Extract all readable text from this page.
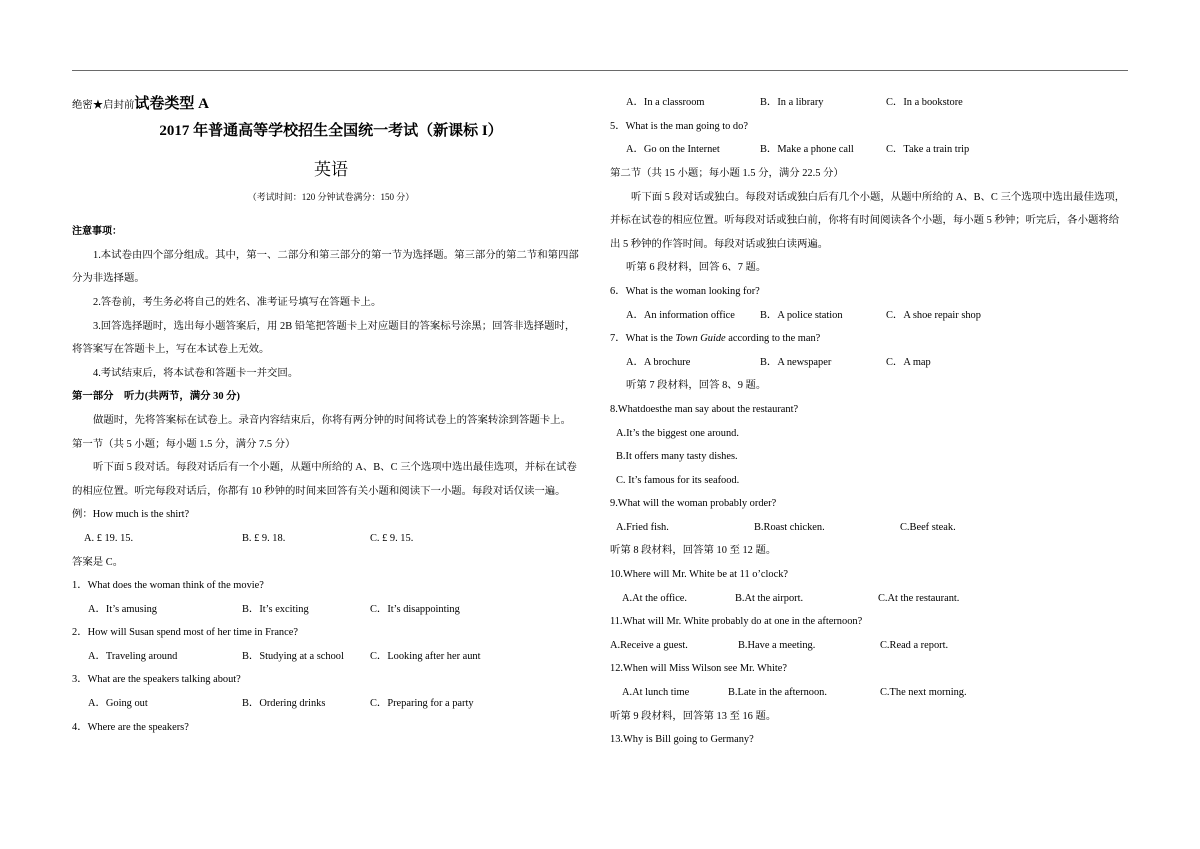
绝密★启封前试卷类型 A
2017 年普通高等学校招生全国统一考试（新课标 I）
英语
（考试时间：120 分钟试卷满分：150 分）
注意事项：
1.本试卷由四个部分组成。其中，第一、二部分和第三部分的第一节为选择题。第三部分的第二节和第四部
分为非选择题。
2.答卷前，考生务必将自己的姓名、准考证号填写在答题卡上。
3.回答选择题时，选出每小题答案后，用 2B 铅笔把答题卡上对应题目的答案标号涂黑；回答非选择题时，
将答案写在答题卡上，写在本试卷上无效。
4.考试结束后，将本试卷和答题卡一并交回。
第一部分　听力(共两节，满分 30 分)
做题时，先将答案标在试卷上。录音内容结束后，你将有两分钟的时间将试卷上的答案转涂到答题卡上。
第一节（共 5 小题；每小题 1.5 分，满分 7.5 分）
听下面 5 段对话。每段对话后有一个小题，从题中所给的 A、B、C 三个选项中选出最佳选项，并标在试卷
的相应位置。听完每段对话后，你都有 10 秒钟的时间来回答有关小题和阅读下一小题。每段对话仅读一遍。
例：How much is the shirt?
A. £ 19. 15.	B. £ 9. 18.	C. £ 9. 15.
答案是 C。
1．What does the woman think of the movie?
A．It’s amusing	B．It’s exciting	C．It’s disappointing
2．How will Susan spend most of her time in France?
A．Traveling around	B．Studying at a school	C．Looking after her aunt
3．What are the speakers talking about?
A．Going out	B．Ordering drinks	C．Preparing for a party
4．Where are the speakers?
A．In a classroom	B．In a library	C．In a bookstore
5．What is the man going to do?
A．Go on the Internet	B．Make a phone call	C．Take a train trip
第二节（共 15 小题；每小题 1.5 分，满分 22.5 分）
听下面 5 段对话或独白。每段对话或独白后有几个小题，从题中所给的 A、B、C 三个选项中选出最佳选项，
并标在试卷的相应位置。听每段对话或独白前，你将有时间阅读各个小题，每小题 5 秒钟；听完后，各小题将给
出 5 秒钟的作答时间。每段对话或独白读两遍。
听第 6 段材料，回答 6、7 题。
6．What is the woman looking for?
A．An information office B．A police station	C．A shoe repair shop
7．What is the Town Guide according to the man?
A．A brochure	B．A newspaper	C．A map
听第 7 段材料，回答 8、9 题。
8.Whatdoesthe man say about the restaurant?
A.It’s the biggest one around.
B.It offers many tasty dishes.
C. It’s famous for its seafood.
9.What will the woman probably order?
A.Fried fish.	B.Roast chicken.	C.Beef steak.
听第 8 段材料，回答第 10 至 12 题。
10.Where will Mr. White be at 11 o’clock?
A.At the office.	B.At the airport.	C.At the restaurant.
11.What will Mr. White probably do at one in the afternoon?
A.Receive a guest.	B.Have a meeting.	C.Read a report.
12.When will Miss Wilson see Mr. White?
A.At lunch time	B.Late in the afternoon.	C.The next morning.
听第 9 段材料，回答第 13 至 16 题。
13.Why is Bill going to Germany?
